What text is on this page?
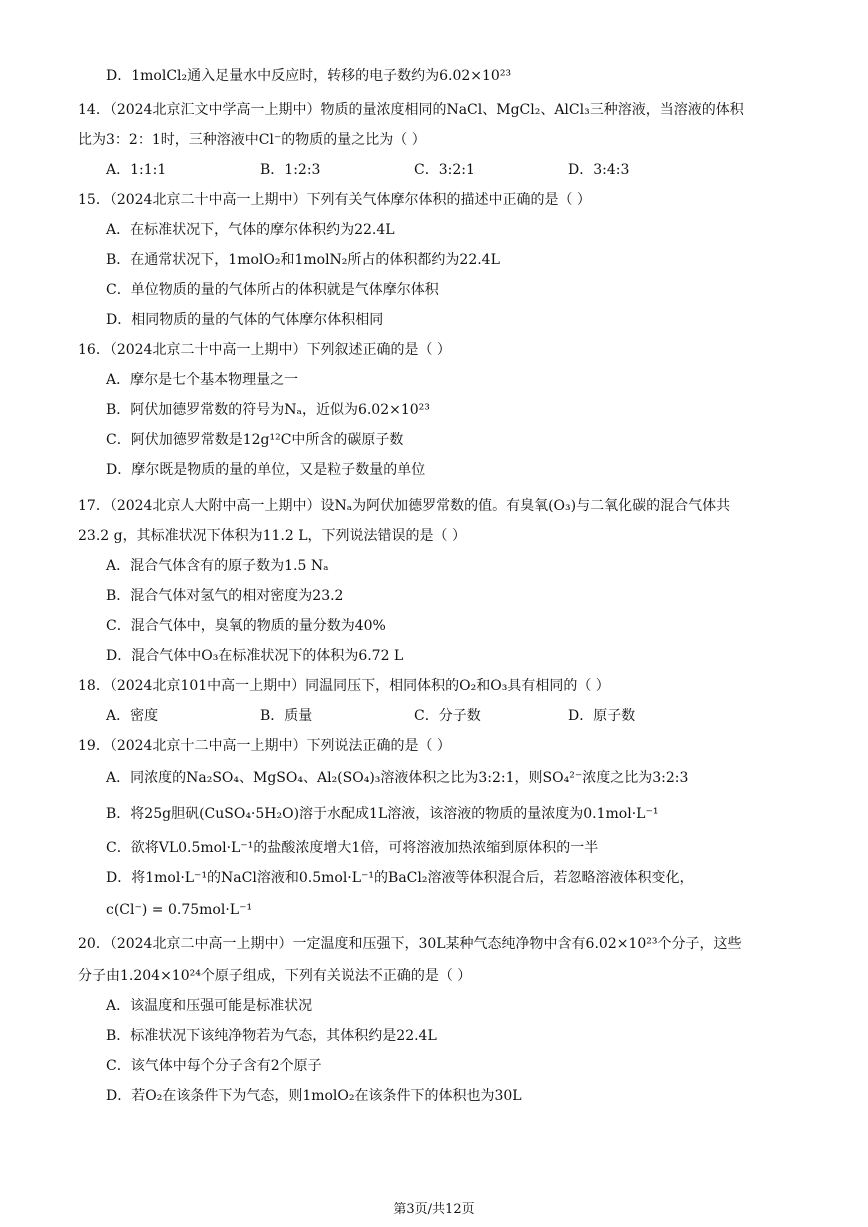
D．1molCl₂通入足量水中反应时，转移的电子数约为6.02×10²³
14．（2024北京汇文中学高一上期中）物质的量浓度相同的NaCl、MgCl₂、AlCl₃三种溶液，当溶液的体积
比为3：2：1时，三种溶液中Cl⁻的物质的量之比为（ ）
A．1:1:1	B．1:2:3	C．3:2:1	D．3:4:3
15．（2024北京二十中高一上期中）下列有关气体摩尔体积的描述中正确的是（ ）
A．在标准状况下，气体的摩尔体积约为22.4L
B．在通常状况下，1molO₂和1molN₂所占的体积都约为22.4L
C．单位物质的量的气体所占的体积就是气体摩尔体积
D．相同物质的量的气体的气体摩尔体积相同
16．（2024北京二十中高一上期中）下列叙述正确的是（ ）
A．摩尔是七个基本物理量之一
B．阿伏加德罗常数的符号为Nₐ，近似为6.02×10²³
C．阿伏加德罗常数是12g¹²C中所含的碳原子数
D．摩尔既是物质的量的单位，又是粒子数量的单位
17．（2024北京人大附中高一上期中）设Nₐ为阿伏加德罗常数的值。有臭氧(O₃)与二氧化碳的混合气体共
23.2 g，其标准状况下体积为11.2 L，下列说法错误的是（ ）
A．混合气体含有的原子数为1.5 Nₐ
B．混合气体对氢气的相对密度为23.2
C．混合气体中，臭氧的物质的量分数为40%
D．混合气体中O₃在标准状况下的体积为6.72 L
18．（2024北京101中高一上期中）同温同压下，相同体积的O₂和O₃具有相同的（ ）
A．密度	B．质量	C．分子数	D．原子数
19．（2024北京十二中高一上期中）下列说法正确的是（ ）
A．同浓度的Na₂SO₄、MgSO₄、Al₂(SO₄)₃溶液体积之比为3:2:1，则SO₄²⁻浓度之比为3:2:3
B．将25g胆矾(CuSO₄·5H₂O)溶于水配成1L溶液，该溶液的物质的量浓度为0.1mol·L⁻¹
C．欲将VL0.5mol·L⁻¹的盐酸浓度增大1倍，可将溶液加热浓缩到原体积的一半
D．将1mol·L⁻¹的NaCl溶液和0.5mol·L⁻¹的BaCl₂溶液等体积混合后，若忽略溶液体积变化，
c(Cl⁻) = 0.75mol·L⁻¹
20．（2024北京二中高一上期中）一定温度和压强下，30L某种气态纯净物中含有6.02×10²³个分子，这些
分子由1.204×10²⁴个原子组成，下列有关说法不正确的是（ ）
A．该温度和压强可能是标准状况
B．标准状况下该纯净物若为气态，其体积约是22.4L
C．该气体中每个分子含有2个原子
D．若O₂在该条件下为气态，则1molO₂在该条件下的体积也为30L
第3页/共12页
